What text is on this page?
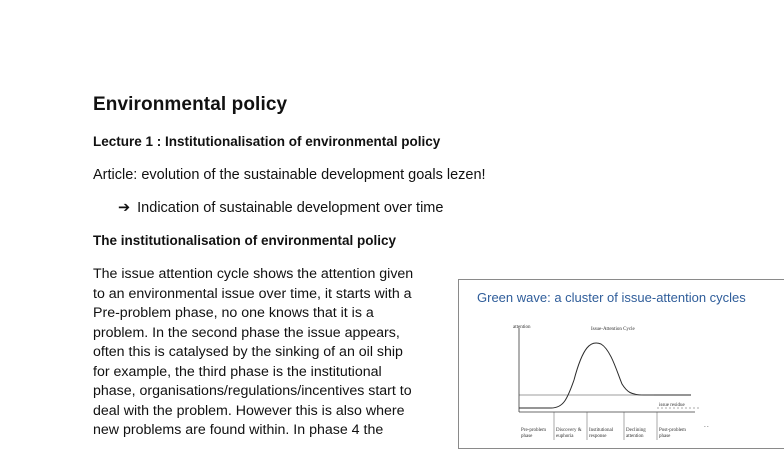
Environmental policy
Lecture 1 : Institutionalisation of environmental policy
Article: evolution of the sustainable development goals lezen!
➔ Indication of sustainable development over time
The institutionalisation of environmental policy

The issue attention cycle shows the attention given
to an environmental issue over time, it starts with a
Pre-problem phase, no one knows that it is a
problem. In the second phase the issue appears,
often this is catalysed by the sinking of an oil ship
for example, the third phase is the institutional
phase, organisations/regulations/incentives start to
deal with the problem. However this is also where
new problems are found within. In phase 4 the

Green wave: a cluster of issue-attention cycles
attention	Issue-Attention Cycle
issue residue
- -
Pre-problem
phase
Discovery &
euphoria
Institutional
response
Declining
attention
Post-problem
phase
